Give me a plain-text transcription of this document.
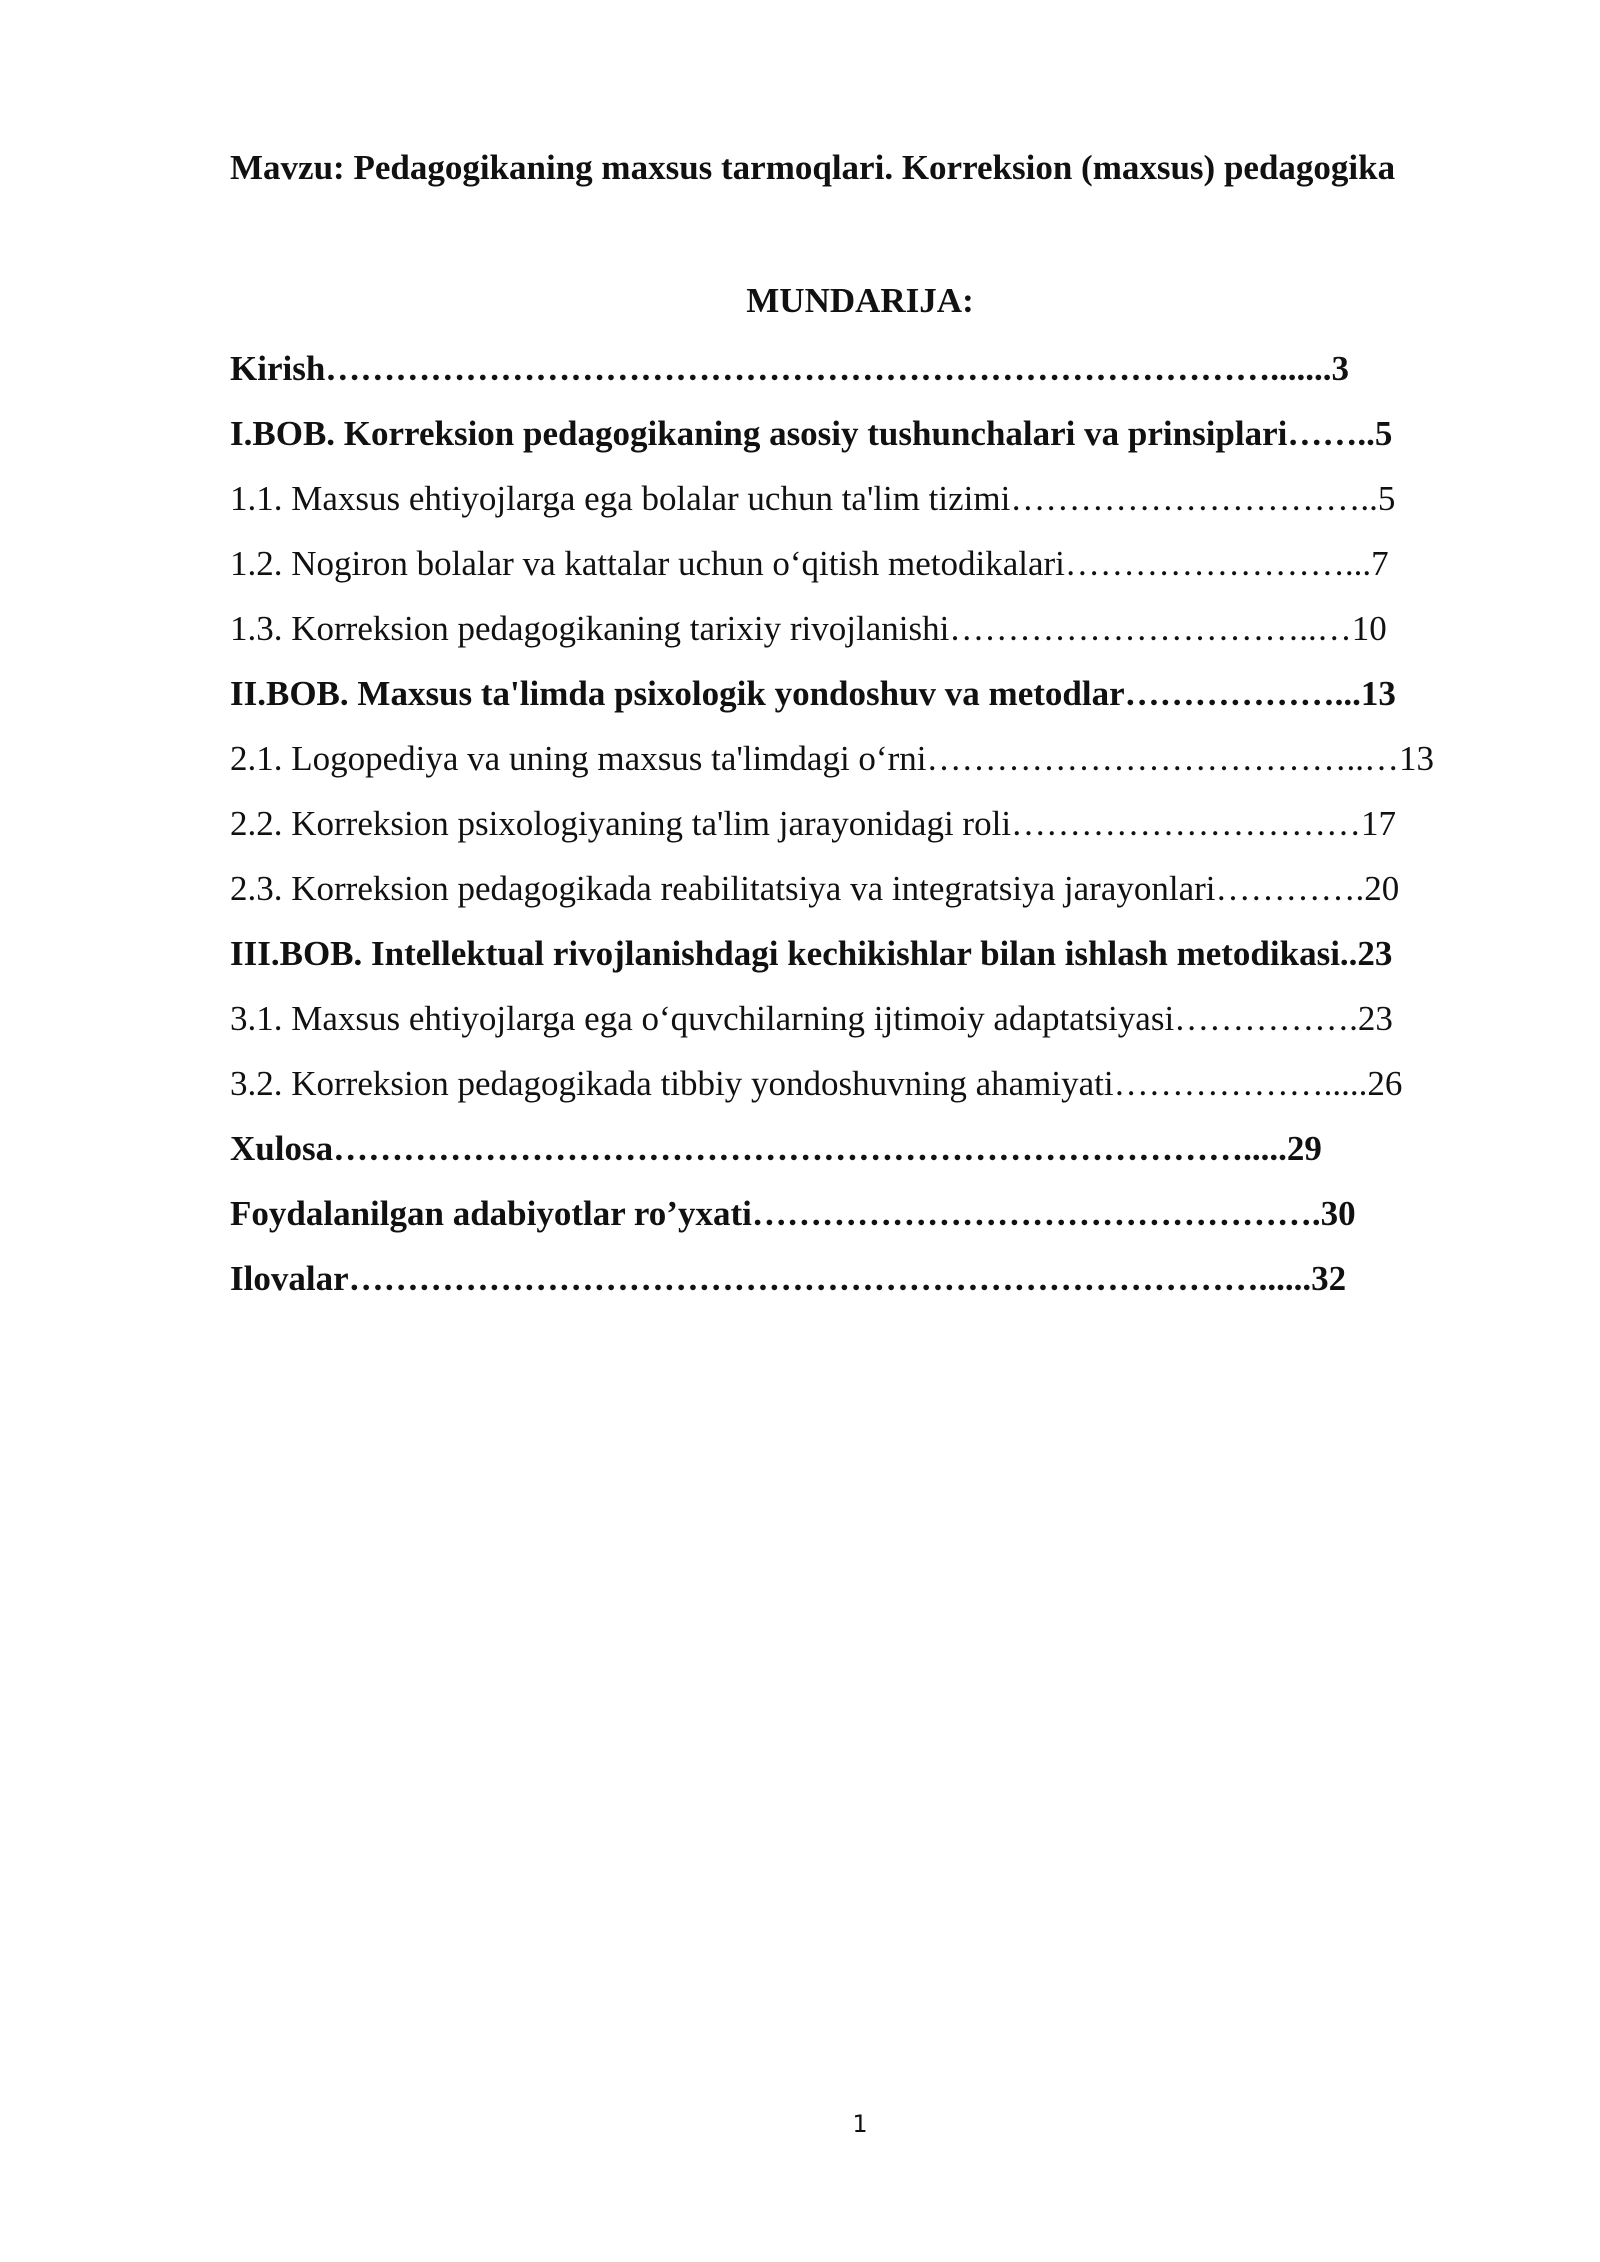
Mavzu: Pedagogikaning maxsus tarmoqlari. Korreksion (maxsus) pedagogika
MUNDARIJA:
Kirish……………………………………………………………………….......3
I.BOB. Korreksion pedagogikaning asosiy tushunchalari va prinsiplari……..5
1.1. Maxsus ehtiyojlarga ega bolalar uchun ta'lim tizimi…………………………..5
1.2. Nogiron bolalar va kattalar uchun oʻqitish metodikalari……………………...7
1.3. Korreksion pedagogikaning tarixiy rivojlanishi…………………………..…10
II.BOB. Maxsus ta'limda psixologik yondoshuv va metodlar………………...13
2.1. Logopediya va uning maxsus ta'limdagi oʻrni………………………………..…13
2.2. Korreksion psixologiyaning ta'lim jarayonidagi roli…………………………17
2.3. Korreksion pedagogikada reabilitatsiya va integratsiya jarayonlari………….20
III.BOB. Intellektual rivojlanishdagi kechikishlar bilan ishlash metodikasi..23
3.1. Maxsus ehtiyojlarga ega oʻquvchilarning ijtimoiy adaptatsiyasi…………….23
3.2. Korreksion pedagogikada tibbiy yondoshuvning ahamiyati……………….....26
Xulosa…………………………………………………………………….....29
Foydalanilgan adabiyotlar ro’yxati………………………………………….30
Ilovalar……………………………………………………………………......32
1
